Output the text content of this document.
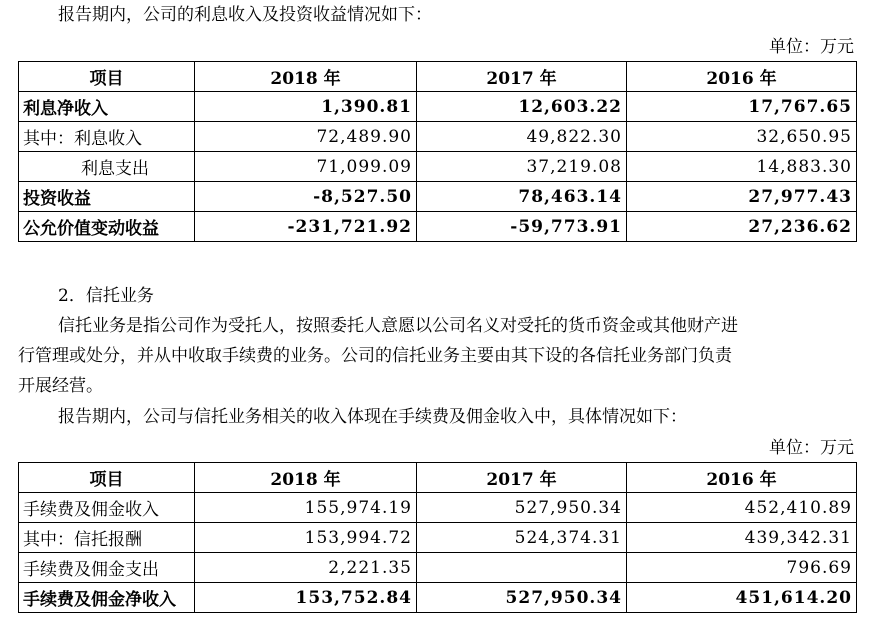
报告期内，公司的利息收入及投资收益情况如下：
单位：万元
项目	2018 年	2017 年	2016 年
利息净收入	1,390.81	12,603.22	17,767.65
其中：利息收入	72,489.90	49,822.30	32,650.95
利息支出	71,099.09	37,219.08	14,883.30
投资收益	-8,527.50	78,463.14	27,977.43
公允价值变动收益	-231,721.92	-59,773.91	27,236.62
2．信托业务
信托业务是指公司作为受托人，按照委托人意愿以公司名义对受托的货币资金或其他财产进
行管理或处分，并从中收取手续费的业务。公司的信托业务主要由其下设的各信托业务部门负责
开展经营。
报告期内，公司与信托业务相关的收入体现在手续费及佣金收入中，具体情况如下：
单位：万元
项目	2018 年	2017 年	2016 年
手续费及佣金收入	155,974.19	527,950.34	452,410.89
其中：信托报酬	153,994.72	524,374.31	439,342.31
手续费及佣金支出	2,221.35		796.69
手续费及佣金净收入	153,752.84	527,950.34	451,614.20
